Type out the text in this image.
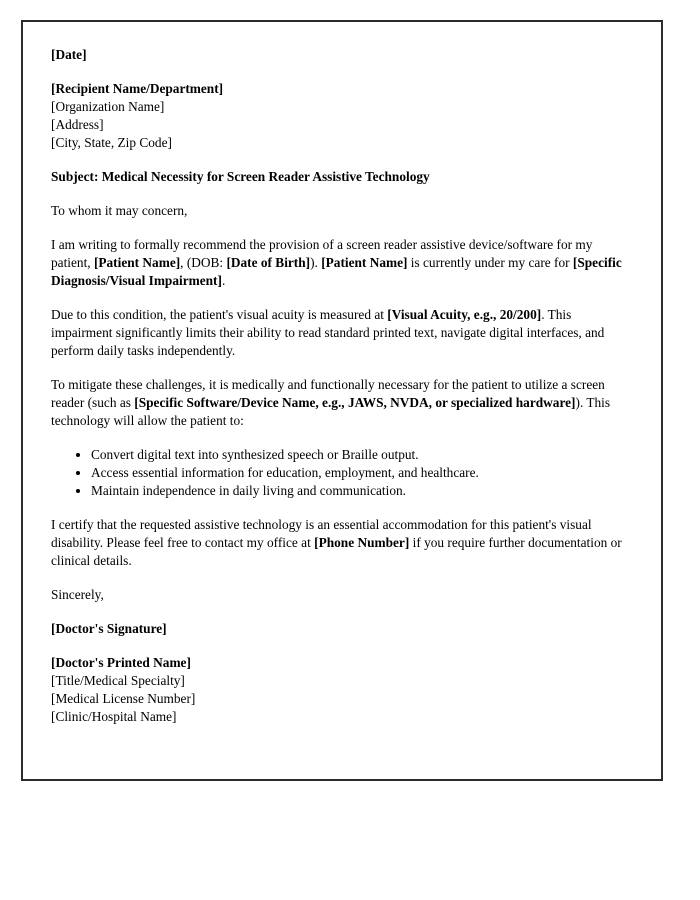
[Date]

[Recipient Name/Department]
[Organization Name]
[Address]
[City, State, Zip Code]

Subject: Medical Necessity for Screen Reader Assistive Technology

To whom it may concern,

I am writing to formally recommend the provision of a screen reader assistive device/software for my patient, [Patient Name], (DOB: [Date of Birth]). [Patient Name] is currently under my care for [Specific Diagnosis/Visual Impairment].

Due to this condition, the patient's visual acuity is measured at [Visual Acuity, e.g., 20/200]. This impairment significantly limits their ability to read standard printed text, navigate digital interfaces, and perform daily tasks independently.

To mitigate these challenges, it is medically and functionally necessary for the patient to utilize a screen reader (such as [Specific Software/Device Name, e.g., JAWS, NVDA, or specialized hardware]). This technology will allow the patient to:

• Convert digital text into synthesized speech or Braille output.
• Access essential information for education, employment, and healthcare.
• Maintain independence in daily living and communication.

I certify that the requested assistive technology is an essential accommodation for this patient's visual disability. Please feel free to contact my office at [Phone Number] if you require further documentation or clinical details.

Sincerely,

[Doctor's Signature]

[Doctor's Printed Name]
[Title/Medical Specialty]
[Medical License Number]
[Clinic/Hospital Name]
